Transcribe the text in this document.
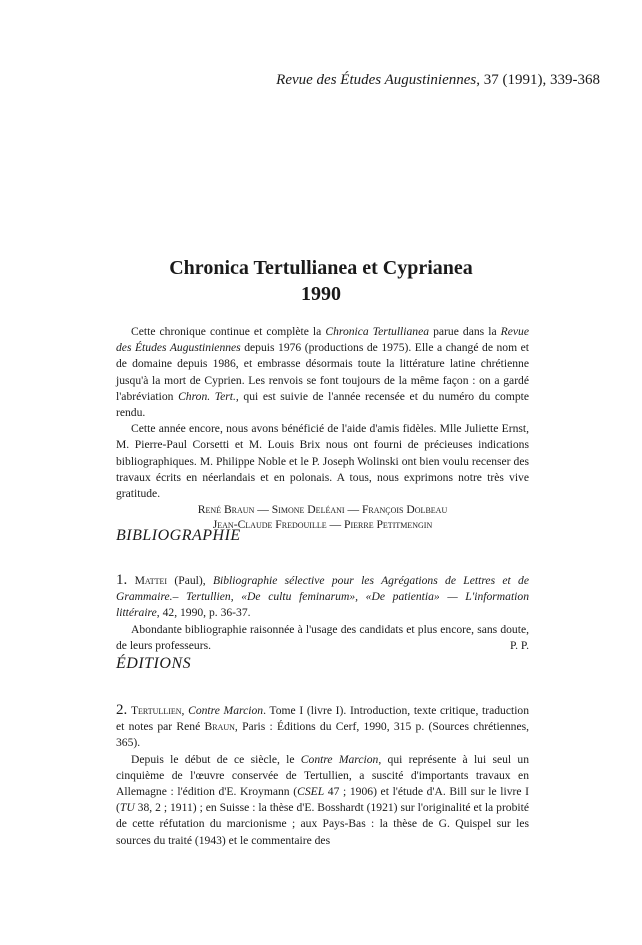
Revue des Études Augustiniennes, 37 (1991), 339-368
Chronica Tertullianea et Cyprianea
1990

Cette chronique continue et complète la Chronica Tertullianea parue dans la Revue des Études Augustiniennes depuis 1976 (productions de 1975). Elle a changé de nom et de domaine depuis 1986, et embrasse désormais toute la littérature latine chrétienne jusqu'à la mort de Cyprien. Les renvois se font toujours de la même façon : on a gardé l'abréviation Chron. Tert., qui est suivie de l'année recensée et du numéro du compte rendu.

Cette année encore, nous avons bénéficié de l'aide d'amis fidèles. Mlle Juliette Ernst, M. Pierre-Paul Corsetti et M. Louis Brix nous ont fourni de précieuses indications bibliographiques. M. Philippe Noble et le P. Joseph Wolinski ont bien voulu recenser des travaux écrits en néerlandais et en polonais. A tous, nous exprimons notre très vive gratitude.

René Braun — Simone Deléani — François Dolbeau
Jean-Claude Fredouille — Pierre Petitmengin
BIBLIOGRAPHIE

1. Mattei (Paul), Bibliographie sélective pour les Agrégations de Lettres et de Grammaire.– Tertullien, «De cultu feminarum», «De patientia» — L'information littéraire, 42, 1990, p. 36-37.

Abondante bibliographie raisonnée à l'usage des candidats et plus encore, sans doute, de leurs professeurs.	P. P.

ÉDITIONS

2. Tertullien, Contre Marcion. Tome I (livre I). Introduction, texte critique, traduction et notes par René Braun, Paris : Éditions du Cerf, 1990, 315 p. (Sources chrétiennes, 365).

Depuis le début de ce siècle, le Contre Marcion, qui représente à lui seul un cinquième de l'œuvre conservée de Tertullien, a suscité d'importants travaux en Allemagne : l'édition d'E. Kroymann (CSEL 47 ; 1906) et l'étude d'A. Bill sur le livre I (TU 38, 2 ; 1911) ; en Suisse : la thèse d'E. Bosshardt (1921) sur l'originalité et la probité de cette réfutation du marcionisme ; aux Pays-Bas : la thèse de G. Quispel sur les sources du traité (1943) et le commentaire des
